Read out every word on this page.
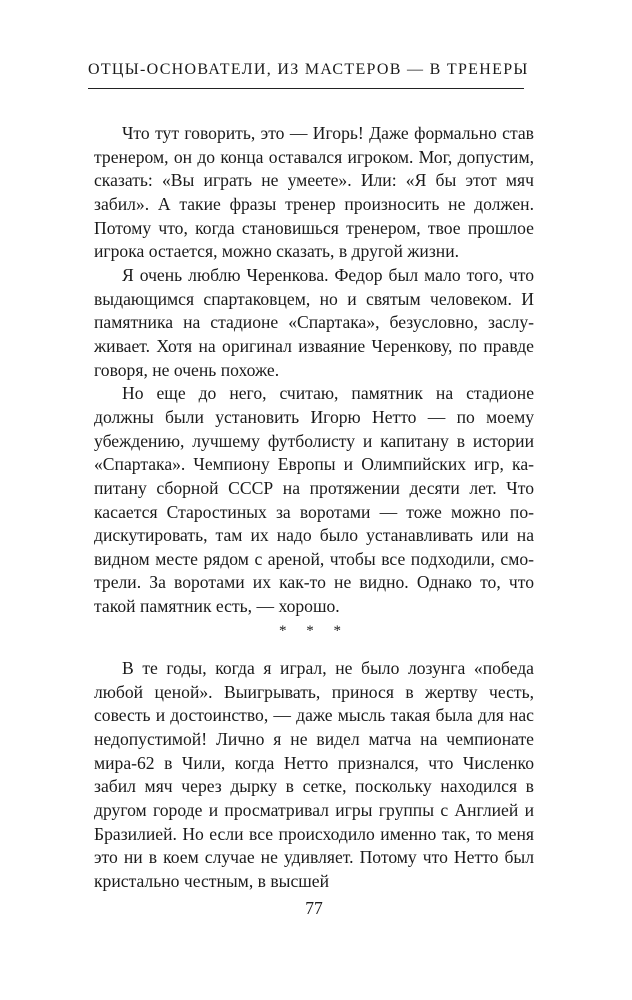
ОТЦЫ-ОСНОВАТЕЛИ, ИЗ МАСТЕРОВ — В ТРЕНЕРЫ

Что тут говорить, это — Игорь! Даже формально став тренером, он до конца оставался игроком. Мог, допустим, сказать: «Вы играть не умеете». Или: «Я бы этот мяч забил». А такие фразы тренер произносить не должен. Потому что, когда становишься тренером, твое прошлое игрока остается, можно сказать, в другой жизни.

Я очень люблю Черенкова. Федор был мало того, что выдающимся спартаковцем, но и святым человеком. И памятника на стадионе «Спартака», безусловно, заслуживает. Хотя на оригинал изваяние Черенкову, по правде говоря, не очень похоже.

Но еще до него, считаю, памятник на стадионе должны были установить Игорю Нетто — по моему убеждению, лучшему футболисту и капитану в истории «Спартака». Чемпиону Европы и Олимпийских игр, капитану сборной СССР на протяжении десяти лет. Что касается Старостиных за воротами — тоже можно подискутировать, там их надо было устанавливать или на видном месте рядом с ареной, чтобы все подходили, смотрели. За воротами их как-то не видно. Однако то, что такой памятник есть, — хорошо.

* * *

В те годы, когда я играл, не было лозунга «победа любой ценой». Выигрывать, принося в жертву честь, совесть и достоинство, — даже мысль такая была для нас недопустимой! Лично я не видел матча на чемпионате мира-62 в Чили, когда Нетто признался, что Численко забил мяч через дырку в сетке, поскольку находился в другом городе и просматривал игры группы с Англией и Бразилией. Но если все происходило именно так, то меня это ни в коем случае не удивляет. Потому что Нетто был кристально честным, в высшей

77
